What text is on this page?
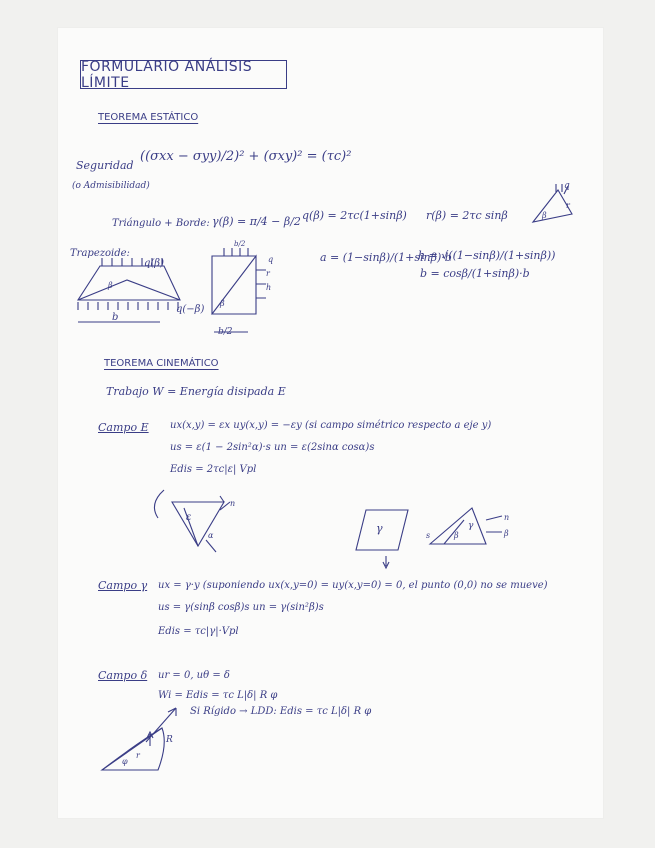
FORMULARIO ANÁLISIS LÍMITE
TEOREMA ESTÁTICO
Seguridad
(o Admisibilidad)
((σxx − σyy)/2)² + (σxy)² = (τc)²
Triángulo + Borde: γ(β) = π/4 − β/2 q(β) = 2τc(1+sinβ) r(β) = 2τc sinβ
q
r
β
Trapezoide:
β
q(β)
q(−β)
b
b/2
q
r
h
β
b/2
a = (1−sinβ)/(1+sinβ)·b
h = √((1−sinβ)/(1+sinβ))
b = cosβ/(1+sinβ)·b
TEOREMA CINEMÁTICO
Trabajo W = Energía disipada E
Campo E ux(x,y) = εx uy(x,y) = −εy (si campo simétrico respecto a eje y)
us = ε(1 − 2sin²α)·s un = ε(2sinα cosα)s
Edis = 2τc|ε| Vpl
ε
n
α
γ
s	β
n
β
γ
Campo γ ux = γ·y (suponiendo ux(x,y=0) = uy(x,y=0) = 0, el punto (0,0) no se mueve)
us = γ(sinβ cosβ)s un = γ(sin²β)s
Edis = τc|γ|·Vpl
Campo δ ur = 0, uθ = δ
Wi = Edis = τc L|δ| R φ
Si Rígido → LDD: Edis = τc L|δ| R φ
R
φ
r
